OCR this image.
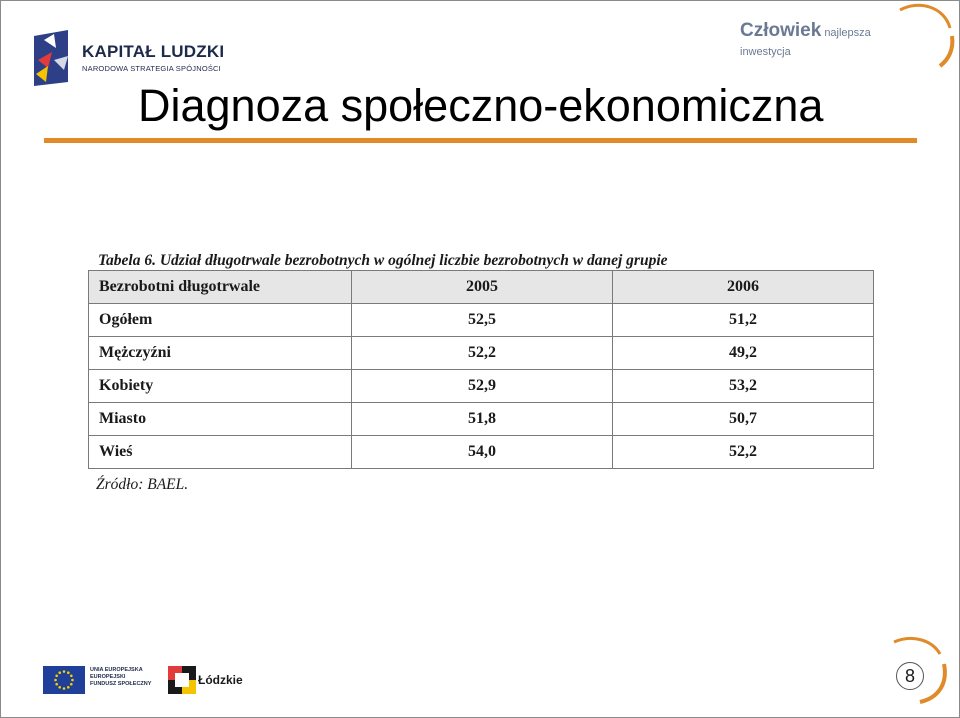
KAPITAŁ LUDZKI
NARODOWA STRATEGIA SPÓJNOŚCI
Człowiek najlepsza inwestycja
Diagnoza społeczno-ekonomiczna
Tabela 6. Udział długotrwale bezrobotnych w ogólnej liczbie bezrobotnych w danej grupie
Bezrobotni długotrwale	2005	2006
Ogółem	52,5	51,2
Mężczyźni	52,2	49,2
Kobiety	52,9	53,2
Miasto	51,8	50,7
Wieś	54,0	52,2
Źródło: BAEL.
UNIA EUROPEJSKA
EUROPEJSKI
FUNDUSZ SPOŁECZNY	Łódzkie	8
